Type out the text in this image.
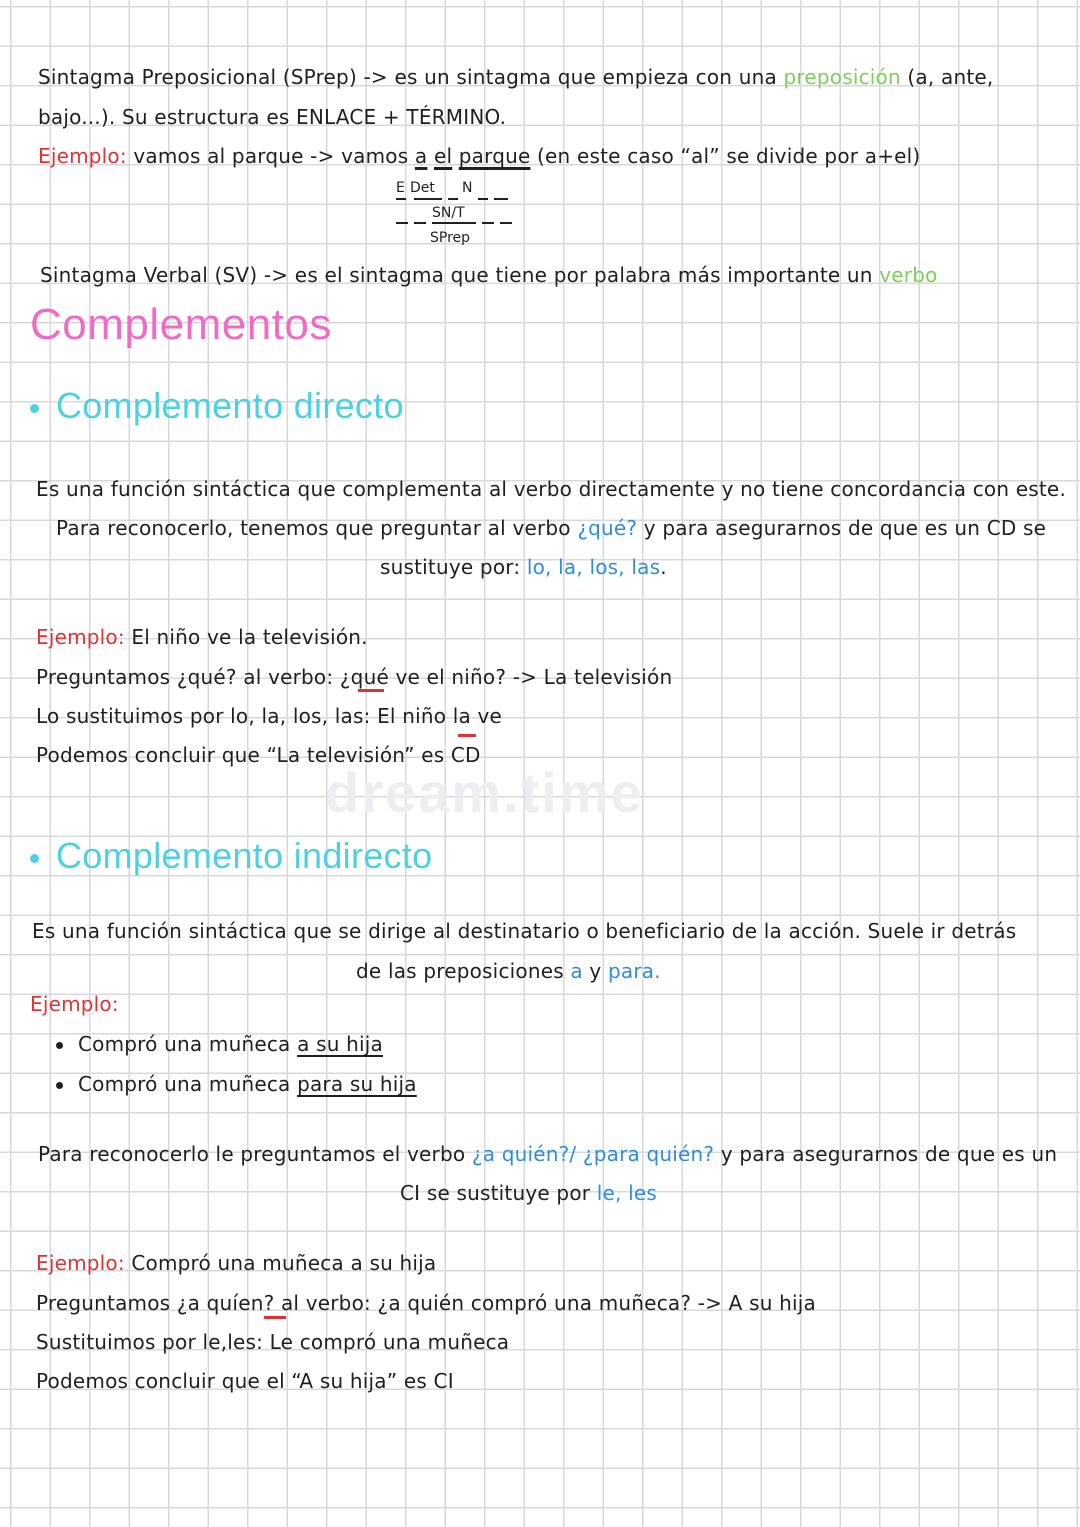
dream.time
Sintagma Preposicional (SPrep) -> es un sintagma que empieza con una preposición (a, ante,
bajo...). Su estructura es ENLACE + TÉRMINO.
Ejemplo: vamos al parque -> vamos a el parque (en este caso “al” se divide por a+el)
E Det N
SN/T
SPrep
Sintagma Verbal (SV) -> es el sintagma que tiene por palabra más importante un verbo
Complementos
Complemento directo
Es una función sintáctica que complementa al verbo directamente y no tiene concordancia con este.
Para reconocerlo, tenemos que preguntar al verbo ¿qué? y para asegurarnos de que es un CD se
sustituye por: lo, la, los, las.
Ejemplo: El niño ve la televisión.
Preguntamos ¿qué? al verbo: ¿qué ve el niño? -> La televisión
Lo sustituimos por lo, la, los, las: El niño la ve
Podemos concluir que “La televisión” es CD
Complemento indirecto
Es una función sintáctica que se dirige al destinatario o beneficiario de la acción. Suele ir detrás
de las preposiciones a y para.
Ejemplo:
Compró una muñeca a su hija
Compró una muñeca para su hija
Para reconocerlo le preguntamos el verbo ¿a quién?/ ¿para quién? y para asegurarnos de que es un
CI se sustituye por le, les
Ejemplo: Compró una muñeca a su hija
Preguntamos ¿a quíen? al verbo: ¿a quién compró una muñeca? -> A su hija
Sustituimos por le,les: Le compró una muñeca
Podemos concluir que el “A su hija” es CI
